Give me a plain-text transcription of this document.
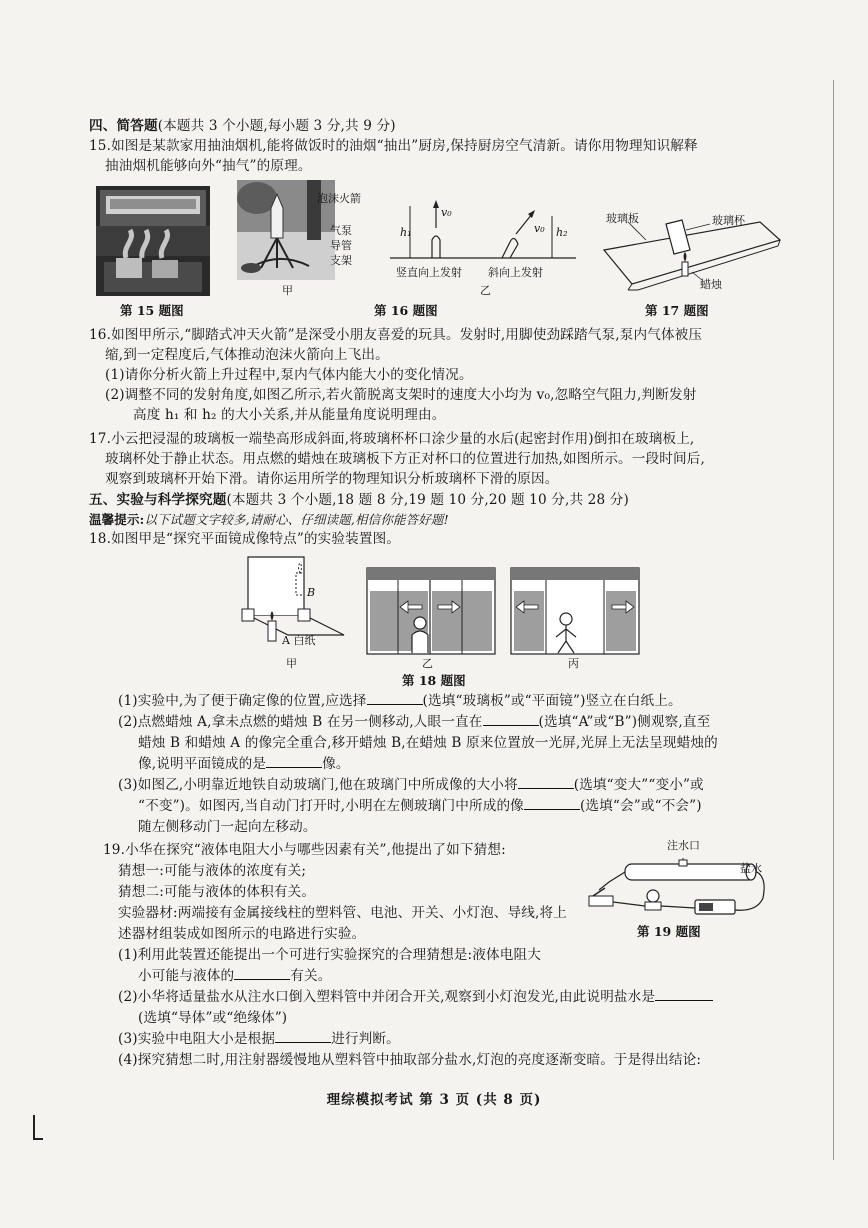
四、简答题(本题共 3 个小题,每小题 3 分,共 9 分)
15.如图是某款家用抽油烟机,能将做饭时的油烟“抽出”厨房,保持厨房空气清新。请你用物理知识解释
抽油烟机能够向外“抽气”的原理。
第 15 题图
泡沫火箭
气泵
导管
支架
甲
h₁
v₀
v₀ h₂
竖直向上发射 斜向上发射
乙
第 16 题图
玻璃板	玻璃杯
蜡烛
第 17 题图
16.如图甲所示,“脚踏式冲天火箭”是深受小朋友喜爱的玩具。发射时,用脚使劲踩踏气泵,泵内气体被压
缩,到一定程度后,气体推动泡沫火箭向上飞出。
(1)请你分析火箭上升过程中,泵内气体内能大小的变化情况。
(2)调整不同的发射角度,如图乙所示,若火箭脱离支架时的速度大小均为 v₀,忽略空气阻力,判断发射
高度 h₁ 和 h₂ 的大小关系,并从能量角度说明理由。
17.小云把浸湿的玻璃板一端垫高形成斜面,将玻璃杯杯口涂少量的水后(起密封作用)倒扣在玻璃板上,
玻璃杯处于静止状态。用点燃的蜡烛在玻璃板下方正对杯口的位置进行加热,如图所示。一段时间后,
观察到玻璃杯开始下滑。请你运用所学的物理知识分析玻璃杯下滑的原因。
五、实验与科学探究题(本题共 3 个小题,18 题 8 分,19 题 10 分,20 题 10 分,共 28 分)
温馨提示:以下试题文字较多,请耐心、仔细读题,相信你能答好题!
18.如图甲是“探究平面镜成像特点”的实验装置图。
B
A 白纸
甲	乙	丙
第 18 题图
(1)实验中,为了便于确定像的位置,应选择	(选填“玻璃板”或“平面镜”)竖立在白纸上。
(2)点燃蜡烛 A,拿未点燃的蜡烛 B 在另一侧移动,人眼一直在	(选填“A”或“B”)侧观察,直至
蜡烛 B 和蜡烛 A 的像完全重合,移开蜡烛 B,在蜡烛 B 原来位置放一光屏,光屏上无法呈现蜡烛的
像,说明平面镜成的是	像。
(3)如图乙,小明靠近地铁自动玻璃门,他在玻璃门中所成像的大小将	(选填“变大”“变小”或
“不变”)。如图丙,当自动门打开时,小明在左侧玻璃门中所成的像	(选填“会”或“不会”)
随左侧移动门一起向左移动。
19.小华在探究“液体电阻大小与哪些因素有关”,他提出了如下猜想:
猜想一:可能与液体的浓度有关;
猜想二:可能与液体的体积有关。
实验器材:两端接有金属接线柱的塑料管、电池、开关、小灯泡、导线,将上
述器材组装成如图所示的电路进行实验。
注水口
盐水
第 19 题图
(1)利用此装置还能提出一个可进行实验探究的合理猜想是:液体电阻大
小可能与液体的	有关。
(2)小华将适量盐水从注水口倒入塑料管中并闭合开关,观察到小灯泡发光,由此说明盐水是
(选填“导体”或“绝缘体”)
(3)实验中电阻大小是根据	进行判断。
(4)探究猜想二时,用注射器缓慢地从塑料管中抽取部分盐水,灯泡的亮度逐渐变暗。于是得出结论:
理综模拟考试 第 3 页 (共 8 页)
